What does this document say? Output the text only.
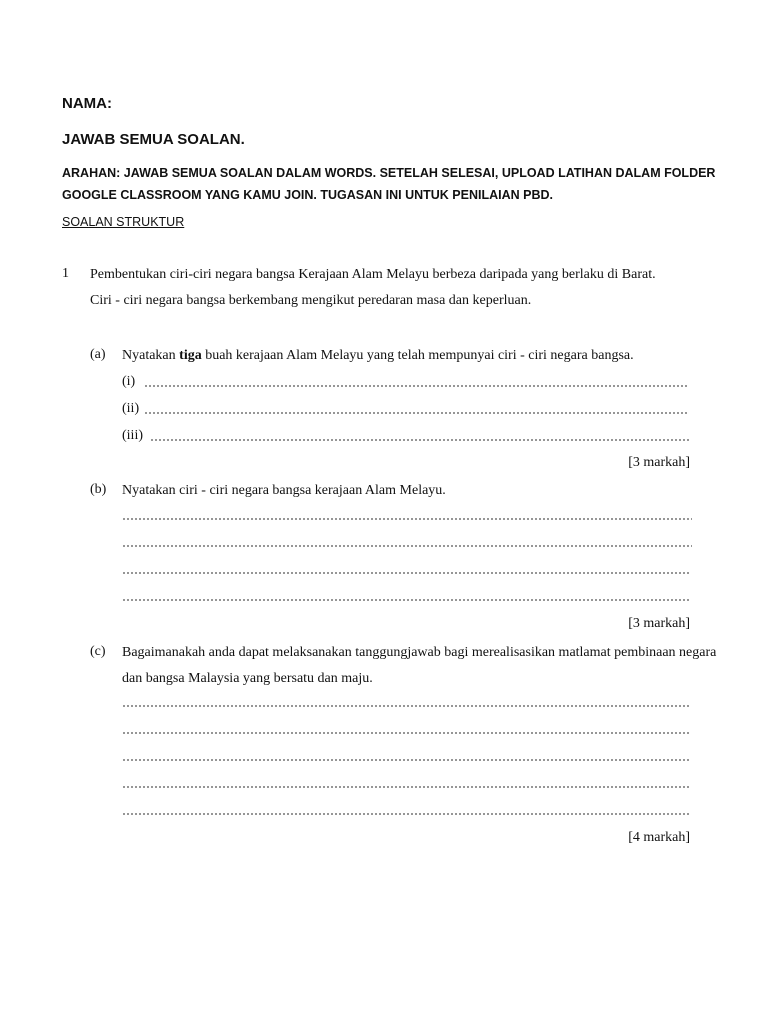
NAMA:
JAWAB SEMUA SOALAN.
ARAHAN: JAWAB SEMUA SOALAN DALAM WORDS. SETELAH SELESAI, UPLOAD LATIHAN DALAM FOLDER GOOGLE CLASSROOM YANG KAMU JOIN. TUGASAN INI UNTUK PENILAIAN PBD.
SOALAN STRUKTUR
1 Pembentukan ciri-ciri negara bangsa Kerajaan Alam Melayu berbeza daripada yang berlaku di Barat.
Ciri - ciri negara bangsa berkembang mengikut peredaran masa dan keperluan.
(a) Nyatakan tiga buah kerajaan Alam Melayu yang telah mempunyai ciri - ciri negara bangsa.
(i)
(ii)
(iii)
[3 markah]
(b) Nyatakan ciri - ciri negara bangsa kerajaan Alam Melayu.
[3 markah]
(c) Bagaimanakah anda dapat melaksanakan tanggungjawab bagi merealisasikan matlamat pembinaan negara dan bangsa Malaysia yang bersatu dan maju.
[4 markah]
